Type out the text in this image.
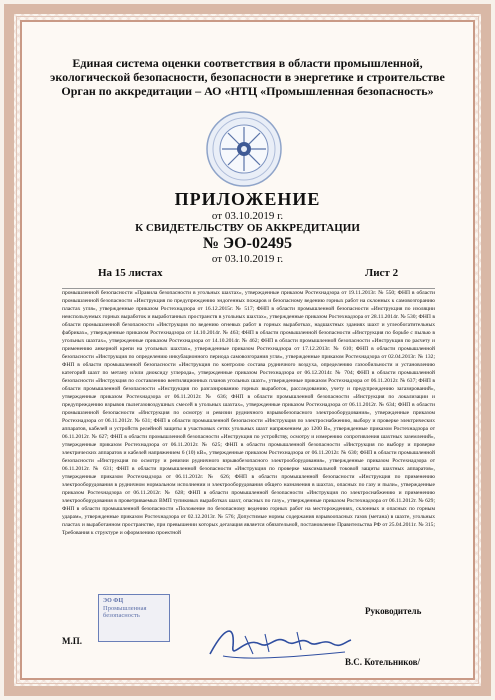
Единая система оценки соответствия в области промышленной,
экологической безопасности, безопасности в энергетике и строительстве
Орган по аккредитации – АО «НТЦ «Промышленная безопасность»
ПРИЛОЖЕНИЕ
от 03.10.2019 г.
К СВИДЕТЕЛЬСТВУ ОБ АККРЕДИТАЦИИ
№ ЭО-02495
от 03.10.2019 г.
На 15 листах	Лист 2
промышленной безопасности «Правила безопасности в угольных шахтах», утвержденные приказом Ростехнадзора от 19.11.2013г. № 550; ФНП в области промышленной безопасности «Инструкция по предупреждению эндогенных пожаров и безопасному ведению горных работ на склонных к самовозгоранию пластах угля», утвержденные приказом Ростехнадзора от 16.12.2015г. № 517; ФНП в области промышленной безопасности «Инструкция по изоляции неиспользуемых горных выработок и выработанных пространств в угольных шахтах», утвержденные приказом Ростехнадзора от 28.11.2014г. № 530; ФНП в области промышленной безопасности «Инструкция по ведению огневых работ в горных выработках, надшахтных зданиях шахт и углеобогатительных фабриках», утвержденные приказом Ростехнадзора от 14.10.2014г. № 463; ФНП в области промышленной безопасности «Инструкция по борьбе с пылью в угольных шахтах», утвержденные приказом Ростехнадзора от 14.10.2014г. № 462; ФНП в области промышленной безопасности «Инструкция по расчету и применению анкерной крепи на угольных шахтах», утвержденные приказом Ростехнадзора от 17.12.2013г. № 610; ФНП в области промышленной безопасности «Инструкция по определению инкубационного периода самовозгорания угля», утвержденные приказом Ростехнадзора от 02.04.2013г. № 132; ФНП в области промышленной безопасности «Инструкция по контролю состава рудничного воздуха, определению газообильности и установлению категорий шахт по метану и/или диоксиду углерода», утвержденные приказом Ростехнадзора от 06.12.2014г. № 704; ФНП в области промышленной безопасности «Инструкция по составлению вентиляционных планов угольных шахт», утвержденные приказом Ростехнадзора от 06.11.2012г. № 637; ФНП в области промышленной безопасности «Инструкция по разгазированию горных выработок, расследованию, учету и предупреждению загазирований», утвержденные приказом Ростехнадзора от 06.11.2012г. № 636; ФНП в области промышленной безопасности «Инструкция по локализации и предупреждению взрывов пылегазовоздушных смесей в угольных шахтах», утвержденные приказом Ростехнадзора от 06.11.2012г. № 634; ФНП в области промышленной безопасности «Инструкция по осмотру и ревизии рудничного взрывобезопасного электрооборудования», утвержденные приказом Ростехнадзора от 06.11.2012г. № 631; ФНП в области промышленной безопасности «Инструкция по электроснабжению, выбору и проверке электрических аппаратов, кабелей и устройств релейной защиты в участковых сетях угольных шахт напряжением до 1200 В», утвержденные приказом Ростехнадзора от 06.11.2012г. № 627; ФНП в области промышленной безопасности «Инструкция по устройству, осмотру и измерению сопротивления шахтных заземлений», утвержденные приказом Ростехнадзора от 06.11.2012г. № 625; ФНП в области промышленной безопасности «Инструкция по выбору и проверке электрических аппаратов и кабелей напряжением 6 (10) кВ», утвержденные приказом Ростехнадзора от 06.11.2012г. № 630; ФНП в области промышленной безопасности «Инструкция по осмотру и ревизии рудничного взрывобезопасного электрооборудования», утвержденные приказом Ростехнадзора от 06.11.2012г. № 631; ФНП в области промышленной безопасности «Инструкция по проверке максимальной токовой защиты шахтных аппаратов», утвержденные приказом Ростехнадзора от 06.11.2012г. № 626; ФНП в области промышленной безопасности «Инструкция по применению электрооборудования в рудничном нормальном исполнении и электрооборудования общего назначения в шахтах, опасных по газу и пыли», утвержденные приказом Ростехнадзора от 06.11.2012г. № 628; ФНП в области промышленной безопасности «Инструкция по электроснабжению и применению электрооборудования в проветриваемых ВМП тупиковых выработках шахт, опасных по газу», утвержденные приказом Ростехнадзора от 06.11.2012г. № 629; ФНП в области промышленной безопасности «Положение по безопасному ведению горных работ на месторождениях, склонных и опасных по горным ударам», утвержденные приказом Ростехнадзора от 02.12.2013г. № 576; Допустимые нормы содержания взрывоопасных газов (метана) в шахте, угольных пластах и выработанном пространстве, при превышении которых дегазация является обязательной, постановление Правительства РФ от 25.04.2011г. № 315; Требования к структуре и оформлению проектной
ЭО ФЦ
Промышленная
безопасность
М.П.
Руководитель
В.С. Котельников/
